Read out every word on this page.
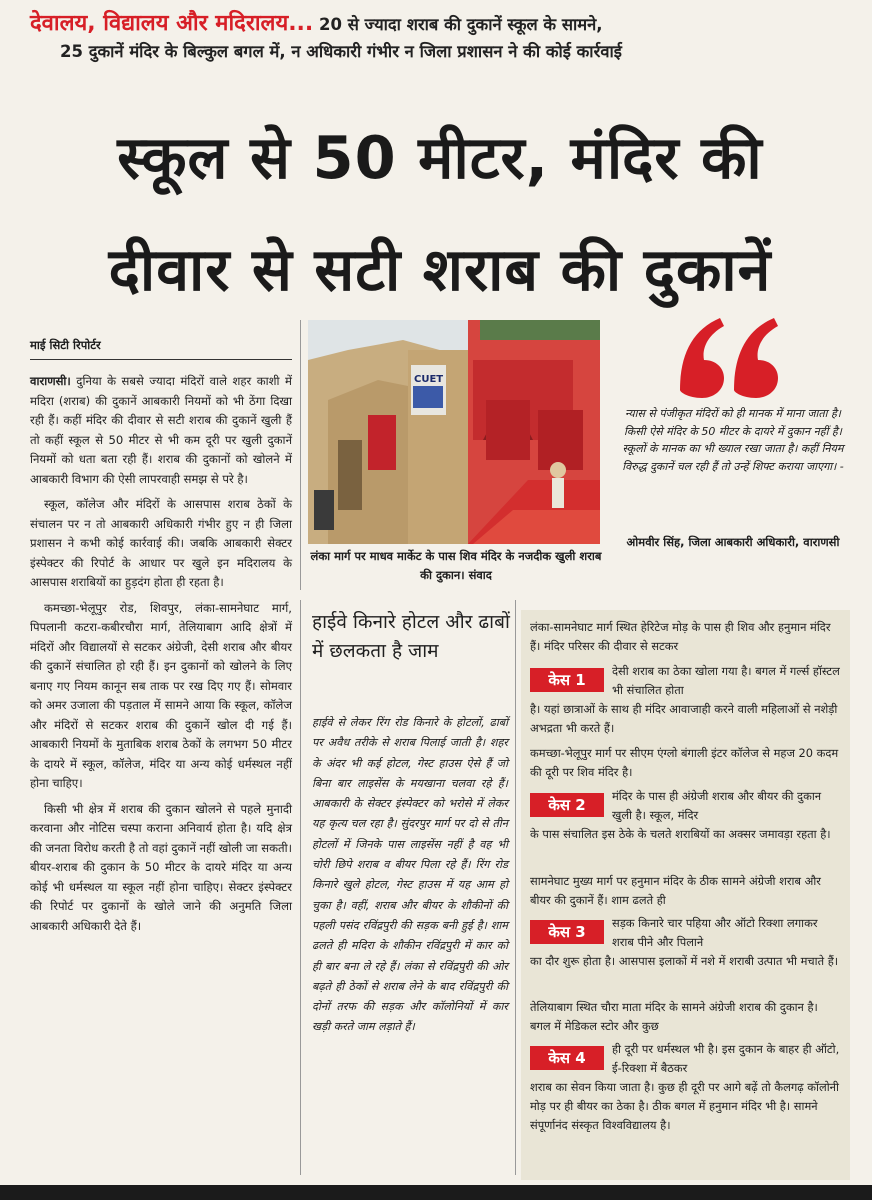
देवालय, विद्यालय और मदिरालय... 20 से ज्यादा शराब की दुकानें स्कूल के सामने,
25 दुकानें मंदिर के बिल्कुल बगल में, न अधिकारी गंभीर न जिला प्रशासन ने की कोई कार्रवाई
स्कूल से 50 मीटर, मंदिर की
दीवार से सटी शराब की दुकानें
माई सिटी रिपोर्टर

वाराणसी। दुनिया के सबसे ज्यादा मंदिरों वाले शहर काशी में मदिरा (शराब) की दुकानें आबकारी नियमों को भी ठेंगा दिखा रही हैं। कहीं मंदिर की दीवार से सटी शराब की दुकानें खुली हैं तो कहीं स्कूल से 50 मीटर से भी कम दूरी पर खुली दुकानें नियमों को धता बता रही हैं। शराब की दुकानों को खोलने में आबकारी विभाग की ऐसी लापरवाही समझ से परे है।

स्कूल, कॉलेज और मंदिरों के आसपास शराब ठेकों के संचालन पर न तो आबकारी अधिकारी गंभीर हुए न ही जिला प्रशासन ने कभी कोई कार्रवाई की। जबकि आबकारी सेक्टर इंस्पेक्टर की रिपोर्ट के आधार पर खुले इन मदिरालय के आसपास शराबियों का हुड़दंग होता ही रहता है।

कमच्छा-भेलूपुर रोड, शिवपुर, लंका-सामनेघाट मार्ग, पिपलानी कटरा-कबीरचौरा मार्ग, तेलियाबाग आदि क्षेत्रों में मंदिरों और विद्यालयों से सटकर अंग्रेजी, देसी शराब और बीयर की दुकानें संचालित हो रही हैं। इन दुकानों को खोलने के लिए बनाए गए नियम कानून सब ताक पर रख दिए गए हैं। सोमवार को अमर उजाला की पड़ताल में सामने आया कि स्कूल, कॉलेज और मंदिरों से सटकर शराब की दुकानें खोल दी गई हैं। आबकारी नियमों के मुताबिक शराब ठेकों के लगभग 50 मीटर के दायरे में स्कूल, कॉलेज, मंदिर या अन्य कोई धर्मस्थल नहीं होना चाहिए।

किसी भी क्षेत्र में शराब की दुकान खोलने से पहले मुनादी करवाना और नोटिस चस्पा कराना अनिवार्य होता है। यदि क्षेत्र की जनता विरोध करती है तो वहां दुकानें नहीं खोली जा सकती। बीयर-शराब की दुकान के 50 मीटर के दायरे मंदिर या अन्य कोई भी धर्मस्थल या स्कूल नहीं होना चाहिए। सेक्टर इंस्पेक्टर की रिपोर्ट पर दुकानों के खोले जाने की अनुमति जिला आबकारी अधिकारी देते हैं।

CUET
लंका मार्ग पर माधव मार्केट के पास शिव मंदिर के नजदीक खुली शराब की दुकान। संवाद
न्यास से पंजीकृत मंदिरों को ही मानक में माना जाता है। किसी ऐसे मंदिर के 50 मीटर के दायरे में दुकान नहीं है। स्कूलों के मानक का भी ख्याल रखा जाता है। कहीं नियम विरुद्ध दुकानें चल रही हैं तो उन्हें शिफ्ट कराया जाएगा। -
ओमवीर सिंह, जिला आबकारी अधिकारी, वाराणसी
हाईवे किनारे होटल और ढाबों में छलकता है जाम
हाईवे से लेकर रिंग रोड किनारे के होटलों, ढाबों पर अवैध तरीके से शराब पिलाई जाती है। शहर के अंदर भी कई होटल, गेस्ट हाउस ऐसे हैं जो बिना बार लाइसेंस के मयखाना चलवा रहे हैं। आबकारी के सेक्टर इंस्पेक्टर को भरोसे में लेकर यह कृत्य चल रहा है। सुंदरपुर मार्ग पर दो से तीन होटलों में जिनके पास लाइसेंस नहीं है वह भी चोरी छिपे शराब व बीयर पिला रहे हैं। रिंग रोड किनारे खुले होटल, गेस्ट हाउस में यह आम हो चुका है। वहीं, शराब और बीयर के शौकीनों की पहली पसंद रविंद्रपुरी की सड़क बनी हुई है। शाम ढलते ही मदिरा के शौकीन रविंद्रपुरी में कार को ही बार बना ले रहे हैं। लंका से रविंद्रपुरी की ओर बढ़ते ही ठेकों से शराब लेने के बाद रविंद्रपुरी की दोनों तरफ की सड़क और कॉलोनियों में कार खड़ी करते जाम लड़ाते हैं।
लंका-सामनेघाट मार्ग स्थित हेरिटेज मोड़ के पास ही शिव और हनुमान मंदिर हैं। मंदिर परिसर की दीवार से सटकर
केस 1	देसी शराब का ठेका खोला गया है। बगल में गर्ल्स हॉस्टल भी संचालित होता
है। यहां छात्राओं के साथ ही मंदिर आवाजाही करने वाली महिलाओं से नशेड़ी अभद्रता भी करते हैं।
कमच्छा-भेलूपुर मार्ग पर सीएम एंग्लो बंगाली इंटर कॉलेज से महज 20 कदम की दूरी पर शिव मंदिर है।
केस 2	मंदिर के पास ही अंग्रेजी शराब और बीयर की दुकान खुली है। स्कूल, मंदिर
के पास संचालित इस ठेके के चलते शराबियों का अक्सर जमावड़ा रहता है।
सामनेघाट मुख्य मार्ग पर हनुमान मंदिर के ठीक सामने अंग्रेजी शराब और बीयर की दुकानें हैं। शाम ढलते ही
केस 3	सड़क किनारे चार पहिया और ऑटो रिक्शा लगाकर शराब पीने और पिलाने
का दौर शुरू होता है। आसपास इलाकों में नशे में शराबी उत्पात भी मचाते हैं।
तेलियाबाग स्थित चौरा माता मंदिर के सामने अंग्रेजी शराब की दुकान है। बगल में मेडिकल स्टोर और कुछ
केस 4	ही दूरी पर धर्मस्थल भी है। इस दुकान के बाहर ही ऑटो, ई-रिक्शा में बैठकर
शराब का सेवन किया जाता है। कुछ ही दूरी पर आगे बढ़ें तो कैलगढ़ कॉलोनी मोड़ पर ही बीयर का ठेका है। ठीक बगल में हनुमान मंदिर भी है। सामने संपूर्णानंद संस्कृत विश्वविद्यालय है।
